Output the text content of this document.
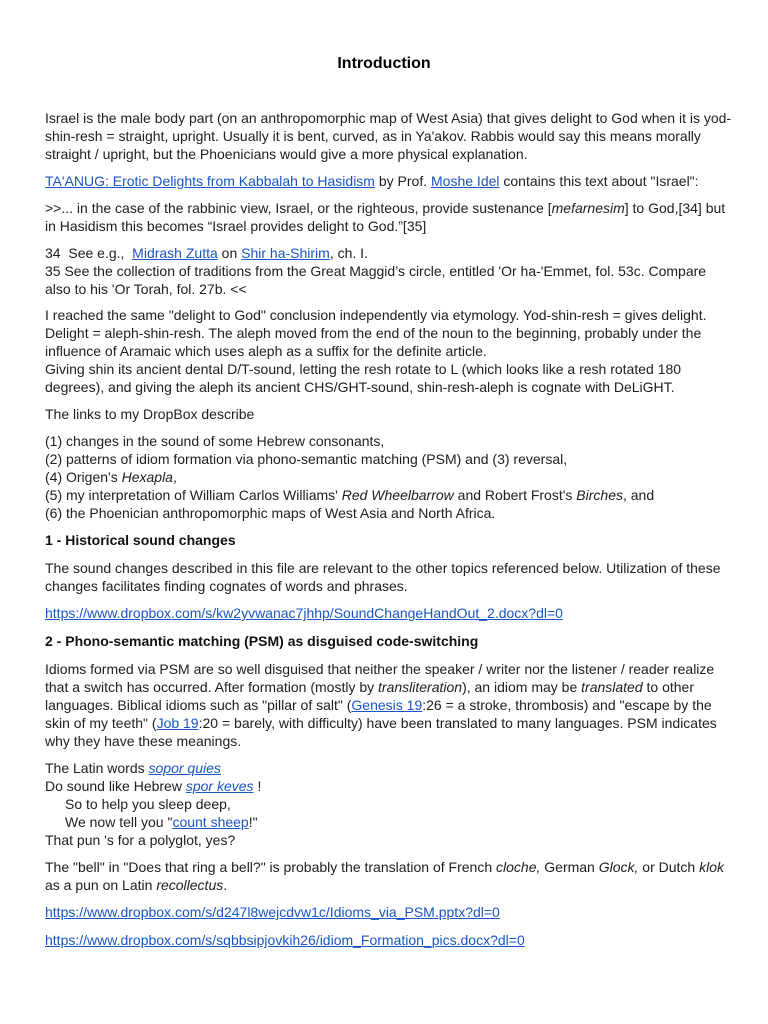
Introduction

Israel is the male body part (on an anthropomorphic map of West Asia) that gives delight to God when it is yod-shin-resh = straight, upright. Usually it is bent, curved, as in Ya'akov. Rabbis would say this means morally straight / upright, but the Phoenicians would give a more physical explanation.

TA'ANUG: Erotic Delights from Kabbalah to Hasidism by Prof. Moshe Idel contains this text about "Israel":

>>... in the case of the rabbinic view, Israel, or the righteous, provide sustenance [mefarnesim] to God,[34] but in Hasidism this becomes “Israel provides delight to God.”[35]

34  See e.g.,  Midrash Zutta on Shir ha-Shirim, ch. I.
35 See the collection of traditions from the Great Maggid’s circle, entitled 'Or ha-'Emmet, fol. 53c. Compare also to his 'Or Torah, fol. 27b. <<
I reached the same "delight to God" conclusion independently via etymology. Yod-shin-resh = gives delight. Delight = aleph-shin-resh. The aleph moved from the end of the noun to the beginning, probably under the influence of Aramaic which uses aleph as a suffix for the definite article.

Giving shin its ancient dental D/T-sound, letting the resh rotate to L (which looks like a resh rotated 180 degrees), and giving the aleph its ancient CHS/GHT-sound, shin-resh-aleph is cognate with DeLiGHT.

The links to my DropBox describe

(1) changes in the sound of some Hebrew consonants,
(2) patterns of idiom formation via phono-semantic matching (PSM) and (3) reversal,
(4) Origen's Hexapla,
(5) my interpretation of William Carlos Williams' Red Wheelbarrow and Robert Frost's Birches, and
(6) the Phoenician anthropomorphic maps of West Asia and North Africa.

1 - Historical sound changes

The sound changes described in this file are relevant to the other topics referenced below. Utilization of these changes facilitates finding cognates of words and phrases.

https://www.dropbox.com/s/kw2yvwanac7jhhp/SoundChangeHandOut_2.docx?dl=0
2 - Phono-semantic matching (PSM) as disguised code-switching

Idioms formed via PSM are so well disguised that neither the speaker / writer nor the listener / reader realize that a switch has occurred. After formation (mostly by transliteration), an idiom may be translated to other languages. Biblical idioms such as "pillar of salt" (Genesis 19:26 = a stroke, thrombosis) and "escape by the skin of my teeth" (Job 19:20 = barely, with difficulty) have been translated to many languages. PSM indicates why they have these meanings.

The Latin words sopor quies
Do sound like Hebrew spor keves !
So to help you sleep deep,
We now tell you "count sheep!"
That pun 's for a polyglot, yes?

The "bell" in "Does that ring a bell?" is probably the translation of French cloche, German Glock, or Dutch klok as a pun on Latin recollectus.

https://www.dropbox.com/s/d247l8wejcdvw1c/Idioms_via_PSM.pptx?dl=0
https://www.dropbox.com/s/sqbbsipjovkih26/idiom_Formation_pics.docx?dl=0
